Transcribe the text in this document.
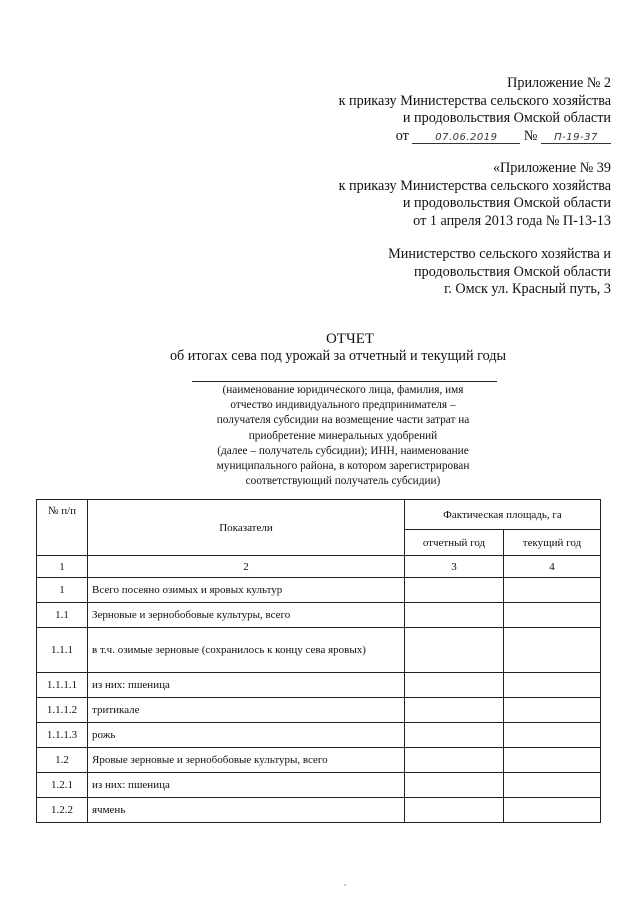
Приложение № 2
к приказу Министерства сельского хозяйства
и продовольствия Омской области
от	07.06.2019 № П-19-37
«Приложение № 39
к приказу Министерства сельского хозяйства
и продовольствия Омской области
от 1 апреля 2013 года № П-13-13
Министерство сельского хозяйства и
продовольствия Омской области
г. Омск ул. Красный путь, 3
ОТЧЕТ
об итогах сева под урожай за отчетный и текущий годы
(наименование юридического лица, фамилия, имя
отчество индивидуального предпринимателя –
получателя субсидии на возмещение части затрат на
приобретение минеральных удобрений
(далее – получатель субсидии); ИНН, наименование
муниципального района, в котором зарегистрирован
соответствующий получатель субсидии)
№ п/п	Показатели	Фактическая площадь, га	
		отчетный год	текущий год
1	2	3	4
1	Всего посеяно озимых и яровых культур		
1.1	Зерновые и зернобобовые культуры, всего		
1.1.1	в т.ч. озимые зерновые (сохранилось к концу сева яровых)		
1.1.1.1	из них: пшеница		
1.1.1.2	тритикале		
1.1.1.3	рожь		
1.2	Яровые зерновые и зернобобовые культуры, всего		
1.2.1	из них: пшеница		
1.2.2	ячмень		
